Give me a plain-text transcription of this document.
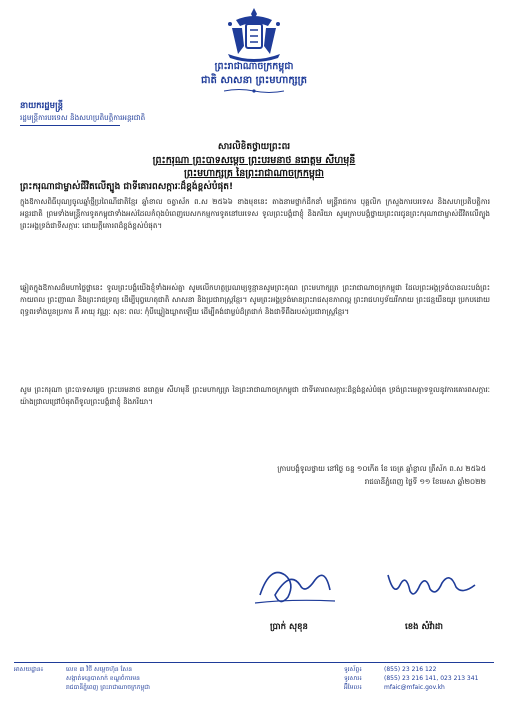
ព្រះរាជាណាចក្រកម្ពុជា
ជាតិ សាសនា ព្រះមហាក្សត្រ
នាយករដ្ឋមន្ត្រី
រដ្ឋមន្ត្រីការបរទេស និងសហប្រតិបត្តិការអន្តរជាតិ
សារលិខិតថ្វាយព្រះពរ
ព្រះករុណា ព្រះបាទសម្តេច ព្រះបរមនាថ នរោត្តម សីហមុនី
ព្រះមហាក្សត្រ នៃព្រះរាជាណាចក្រកម្ពុជា
ព្រះករុណាជាម្ចាស់ជីវិតលើត្បូង ជាទីគោរពសក្ការៈដ៏ខ្ពង់ខ្ពស់បំផុត!
ក្នុងឱកាសពិធីបុណ្យចូលឆ្នាំថ្មីប្រពៃណីជាតិខ្មែរ ឆ្នាំខាល ចត្វាស័ក ព.ស ២៥៦៦ ខាងមុខនេះ តាងនាមថ្នាក់ដឹកនាំ មន្ត្រីរាជការ បុគ្គលិក ក្រសួងការបរទេស និងសហប្រតិបត្តិការអន្តរជាតិ ព្រមទាំងមន្ត្រីការទូតកម្ពុជាទាំងអស់ដែលកំពុងបំពេញបេសកកម្មការទូតនៅបរទេស ទូលព្រះបង្គំជាខ្ញុំ និងភរិយា សូមក្រាបបង្គំថ្វាយព្រះពរជូនព្រះករុណាជាម្ចាស់ជីវិតលើត្បូង ព្រះអង្គទ្រង់ជាទីសក្ការៈ ដោយក្តីគោរពដ៏ខ្ពង់ខ្ពស់បំផុត។
ឆ្លៀតក្នុងឱកាសដ៏មហាថ្លៃថ្លានេះ ទូលព្រះបង្គំយើងខ្ញុំទាំងអស់គ្នា សូមលើកហត្ថប្រណម្យទូន្មានសូមព្រះគុណ ព្រះមហាក្សត្រ ព្រះរាជាណាចក្រកម្ពុជា ដែលព្រះអង្គទ្រង់បានលះបង់ព្រះកាយពល ព្រះញាណ និងព្រះរាជទ្រព្យ ដើម្បីបុព្វហេតុជាតិ សាសនា និងប្រជារាស្ត្រខ្មែរ។ សូមព្រះអង្គទ្រង់មានព្រះរាជសុខភាពល្អ ព្រះរាជហឫទ័យរីករាយ ព្រះជន្មយឺនយូរ ប្រកបដោយពុទ្ធពរទាំងបួនប្រការ គឺ អាយុ វណ្ណៈ សុខៈ ពលៈ កុំបីឃ្លៀងឃ្លាតឡើយ ដើម្បីគង់ជាម្លប់ដ៏ត្រជាក់ និងជាទីពឹងរបស់ប្រជារាស្ត្រខ្មែរ។
សូម ព្រះករុណា ព្រះបាទសម្តេច ព្រះបរមនាថ នរោត្តម សីហមុនី ព្រះមហាក្សត្រ នៃព្រះរាជាណាចក្រកម្ពុជា ជាទីគោរពសក្ការៈដ៏ខ្ពង់ខ្ពស់បំផុត ទ្រង់ព្រះមេត្តាទទួលនូវការគោរពសក្ការៈយ៉ាងជ្រាលជ្រៅបំផុតពីទូលព្រះបង្គំជាខ្ញុំ និងភរិយា។
ក្រាបបង្គំទូលថ្វាយ នៅថ្ងៃ ចន្ទ ១០កើត ខែ ចេត្រ ឆ្នាំខ្លាល ត្រីស័ក ព.ស ២៥៦៥
រាជធានីភ្នំពេញ ថ្ងៃទី ១១ ខែមេសា ឆ្នាំ២០២២
ប្រាក់ សុខុន	ខេង សំវ៉ាដា
អាសយដ្ឋាន៖	លេខ ៣ វិថី សម្ដេចហ៊ុន សែន
សង្កាត់ទន្លេបាសាក់ ខណ្ឌចំការមន
រាជធានីភ្នំពេញ ព្រះរាជាណាចក្រកម្ពុជា
ទូរស័ព្ទ៖	(855) 23 216 122
ទូរសារ៖	(855) 23 216 141, 023 213 341
អ៊ីមែល៖	mfaic@mfaic.gov.kh
